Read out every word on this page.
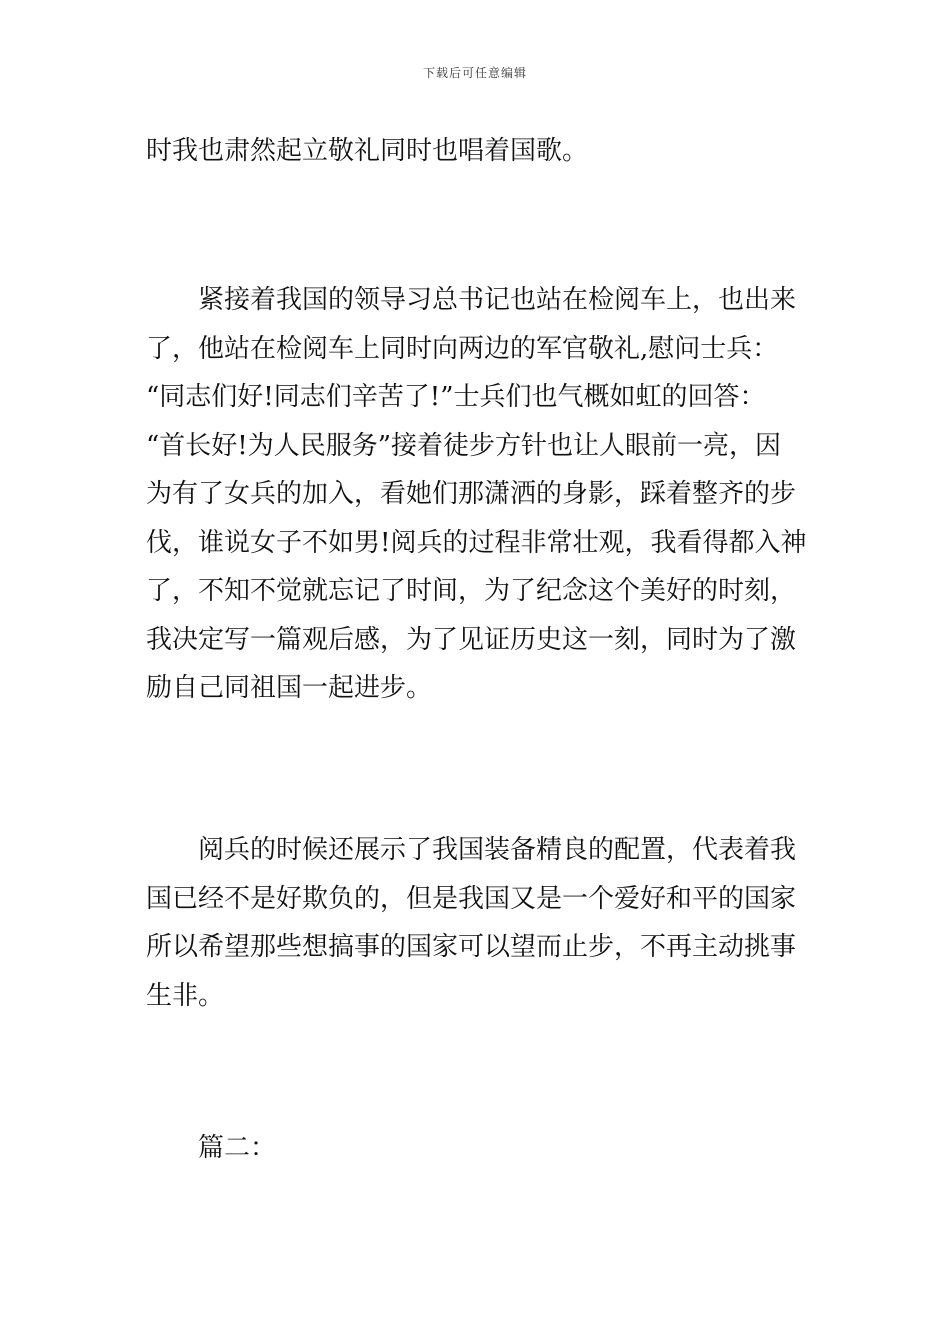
下载后可任意编辑

时我也肃然起立敬礼同时也唱着国歌。

紧接着我国的领导习总书记也站在检阅车上，也出来
了，他站在检阅车上同时向两边的军官敬礼,慰问士兵：
“同志们好!同志们辛苦了!”士兵们也气概如虹的回答：
“首长好!为人民服务”接着徒步方针也让人眼前一亮，因
为有了女兵的加入，看她们那潇洒的身影，踩着整齐的步
伐，谁说女子不如男!阅兵的过程非常壮观，我看得都入神
了，不知不觉就忘记了时间，为了纪念这个美好的时刻，
我决定写一篇观后感，为了见证历史这一刻，同时为了激
励自己同祖国一起进步。

阅兵的时候还展示了我国装备精良的配置，代表着我
国已经不是好欺负的，但是我国又是一个爱好和平的国家
所以希望那些想搞事的国家可以望而止步，不再主动挑事
生非。

篇二：
